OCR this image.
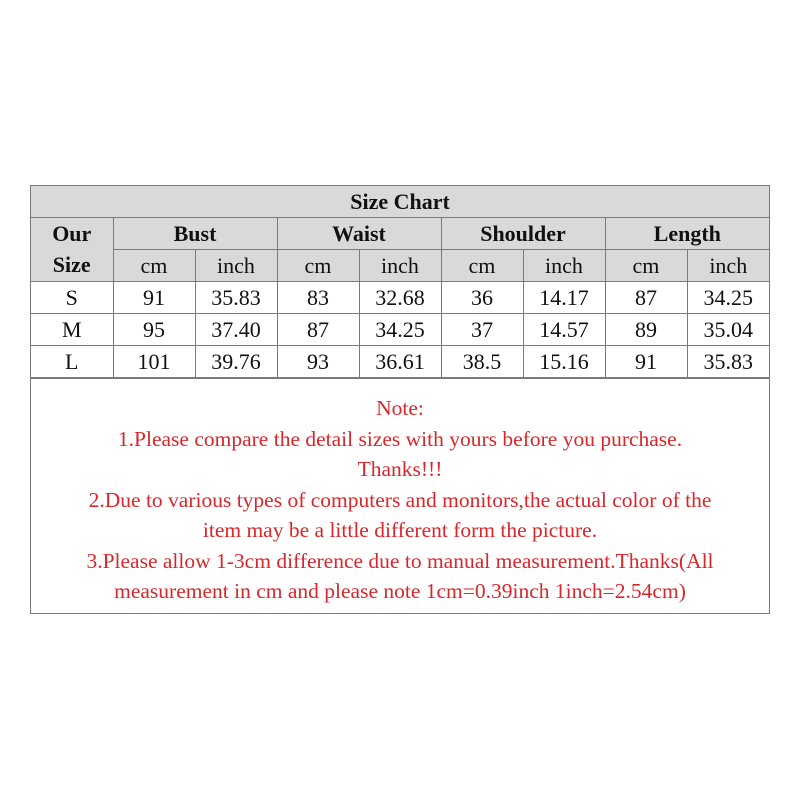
Size Chart								
Our	Bust		Waist		Shoulder		Length	
Size	cm	inch	cm	inch	cm	inch	cm	inch
S	91	35.83	83	32.68	36	14.17	87	34.25
M	95	37.40	87	34.25	37	14.57	89	35.04
L	101	39.76	93	36.61	38.5	15.16	91	35.83
Note:
1.Please compare the detail sizes with yours before you purchase.
Thanks!!!
2.Due to various types of computers and monitors,the actual color of the
item may be a little different form the picture.
3.Please allow 1-3cm difference due to manual measurement.Thanks(All
measurement in cm and please note 1cm=0.39inch 1inch=2.54cm)
